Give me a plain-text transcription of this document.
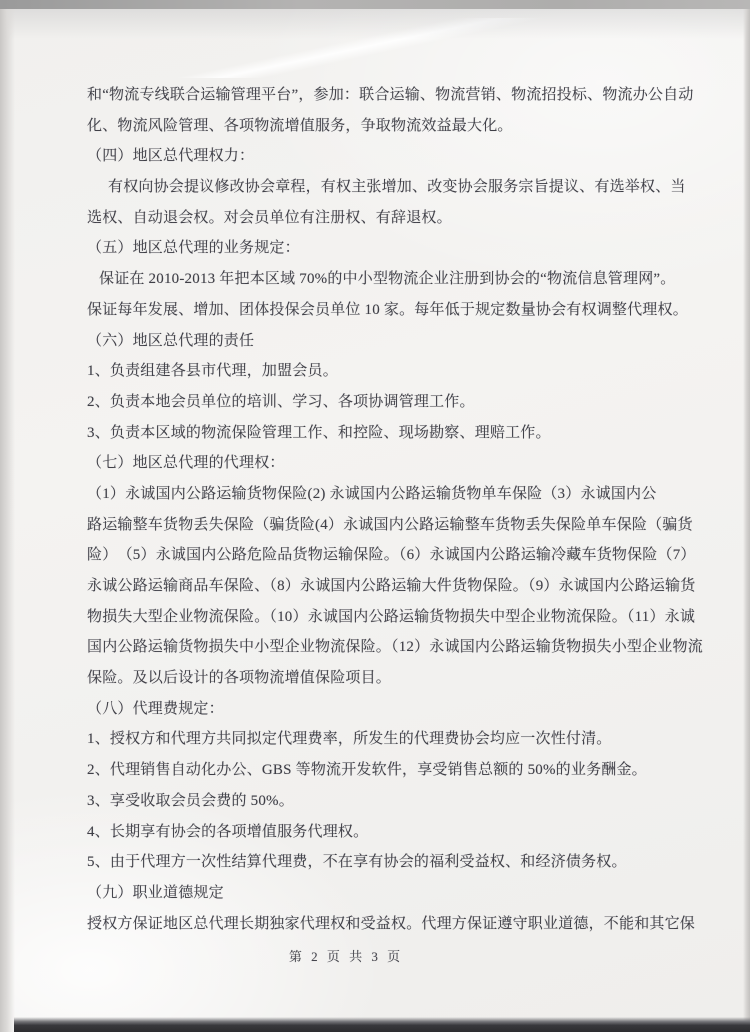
和“物流专线联合运输管理平台”，参加：联合运输、物流营销、物流招投标、物流办公自动
化、物流风险管理、各项物流增值服务，争取物流效益最大化。
（四）地区总代理权力：
有权向协会提议修改协会章程，有权主张增加、改变协会服务宗旨提议、有选举权、当
选权、自动退会权。对会员单位有注册权、有辞退权。
（五）地区总代理的业务规定：
保证在 2010-2013 年把本区域 70%的中小型物流企业注册到协会的“物流信息管理网”。
保证每年发展、增加、团体投保会员单位 10 家。每年低于规定数量协会有权调整代理权。
（六）地区总代理的责任
1、负责组建各县市代理，加盟会员。
2、负责本地会员单位的培训、学习、各项协调管理工作。
3、负责本区域的物流保险管理工作、和控险、现场勘察、理赔工作。
（七）地区总代理的代理权：
（1）永诚国内公路运输货物保险(2) 永诚国内公路运输货物单车保险（3）永诚国内公
路运输整车货物丢失保险（骗货险(4）永诚国内公路运输整车货物丢失保险单车保险（骗货
险）　（5）永诚国内公路危险品货物运输保险。（6）永诚国内公路运输冷藏车货物保险（7）
永诚公路运输商品车保险、（8）永诚国内公路运输大件货物保险。（9）永诚国内公路运输货
物损失大型企业物流保险。（10）永诚国内公路运输货物损失中型企业物流保险。（11）永诚
国内公路运输货物损失中小型企业物流保险。（12）永诚国内公路运输货物损失小型企业物流
保险。及以后设计的各项物流增值保险项目。
（八）代理费规定：
1、授权方和代理方共同拟定代理费率，所发生的代理费协会均应一次性付清。
2、代理销售自动化办公、GBS 等物流开发软件，享受销售总额的 50%的业务酬金。
3、享受收取会员会费的 50%。
4、长期享有协会的各项增值服务代理权。
5、由于代理方一次性结算代理费，不在享有协会的福利受益权、和经济债务权。
（九）职业道德规定
授权方保证地区总代理长期独家代理权和受益权。代理方保证遵守职业道德，不能和其它保
第 2 页 共 3 页
